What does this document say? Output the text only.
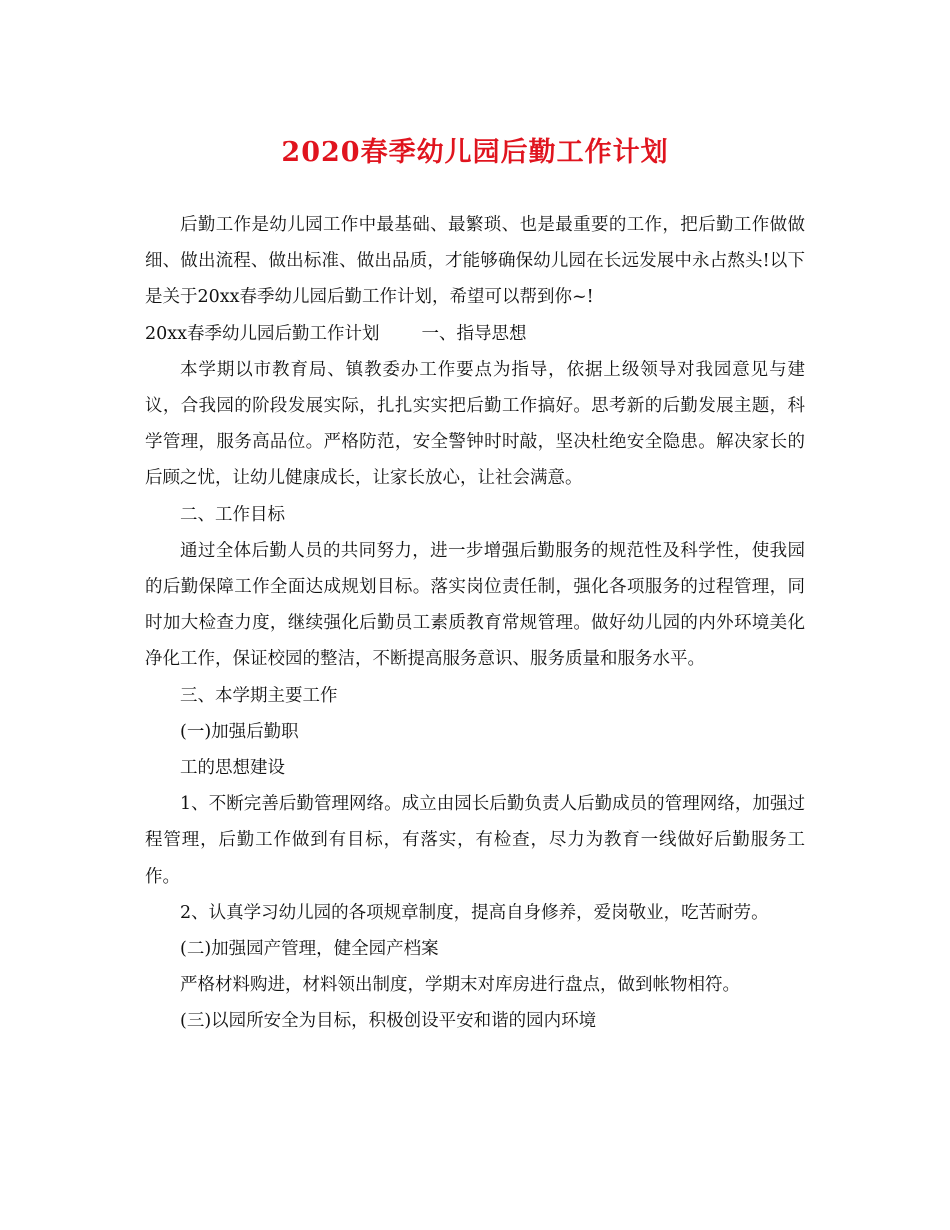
2020春季幼儿园后勤工作计划

后勤工作是幼儿园工作中最基础、最繁琐、也是最重要的工作，把后勤工作做做细、做出流程、做出标准、做出品质，才能够确保幼儿园在长远发展中永占熬头!以下是关于20xx春季幼儿园后勤工作计划，希望可以帮到你~!

20xx春季幼儿园后勤工作计划 一、指导思想

本学期以市教育局、镇教委办工作要点为指导，依据上级领导对我园意见与建议，合我园的阶段发展实际，扎扎实实把后勤工作搞好。思考新的后勤发展主题，科学管理，服务高品位。严格防范，安全警钟时时敲，坚决杜绝安全隐患。解决家长的后顾之忧，让幼儿健康成长，让家长放心，让社会满意。

二、工作目标

通过全体后勤人员的共同努力，进一步增强后勤服务的规范性及科学性，使我园的后勤保障工作全面达成规划目标。落实岗位责任制，强化各项服务的过程管理，同时加大检查力度，继续强化后勤员工素质教育常规管理。做好幼儿园的内外环境美化净化工作，保证校园的整洁，不断提高服务意识、服务质量和服务水平。

三、本学期主要工作

(一)加强后勤职

工的思想建设

1、不断完善后勤管理网络。成立由园长后勤负责人后勤成员的管理网络，加强过程管理，后勤工作做到有目标，有落实，有检查，尽力为教育一线做好后勤服务工作。

2、认真学习幼儿园的各项规章制度，提高自身修养，爱岗敬业，吃苦耐劳。

(二)加强园产管理，健全园产档案

严格材料购进，材料领出制度，学期末对库房进行盘点，做到帐物相符。

(三)以园所安全为目标，积极创设平安和谐的园内环境
